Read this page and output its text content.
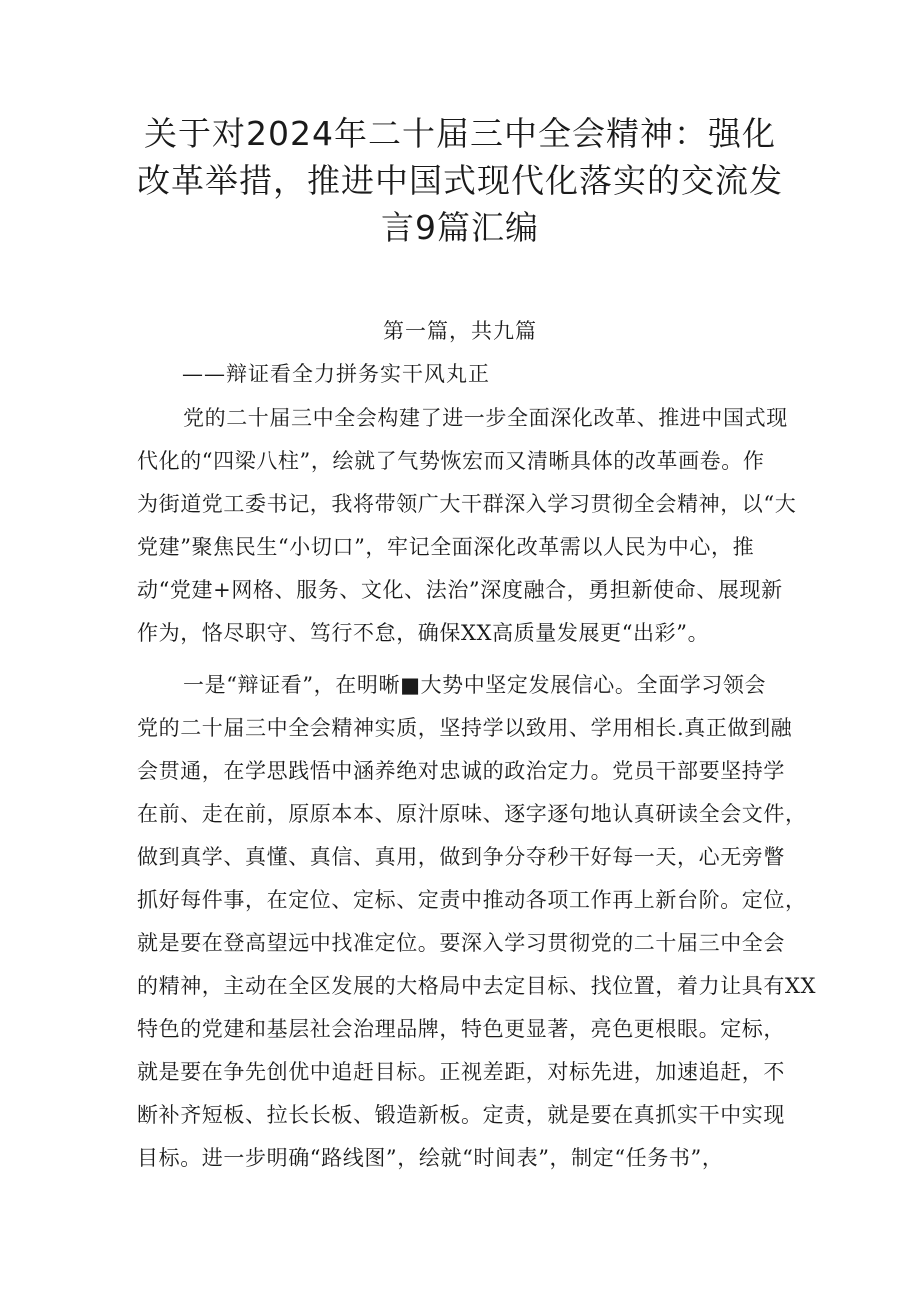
关于对2024年二十届三中全会精神：强化
改革举措，推进中国式现代化落实的交流发
言9篇汇编

第一篇，共九篇

——辩证看全力拼务实干风丸正

党的二十届三中全会构建了进一步全面深化改革、推进中国式现
代化的“四梁八柱”，绘就了气势恢宏而又清晰具体的改革画卷。作
为街道党工委书记，我将带领广大干群深入学习贯彻全会精神，以“大
党建”聚焦民生“小切口”，牢记全面深化改革需以人民为中心，推
动“党建+网格、服务、文化、法治”深度融合，勇担新使命、展现新
作为，恪尽职守、笃行不怠，确保XX高质量发展更“出彩”。
一是“辩证看”，在明晰■大势中坚定发展信心。全面学习领会
党的二十届三中全会精神实质，坚持学以致用、学用相长.真正做到融
会贯通，在学思践悟中涵养绝对忠诚的政治定力。党员干部要坚持学
在前、走在前，原原本本、原汁原味、逐字逐句地认真研读全会文件，
做到真学、真懂、真信、真用，做到争分夺秒干好每一天，心无旁瞥
抓好每件事，在定位、定标、定责中推动各项工作再上新台阶。定位，
就是要在登高望远中找准定位。要深入学习贯彻党的二十届三中全会
的精神，主动在全区发展的大格局中去定目标、找位置，着力让具有XX
特色的党建和基层社会治理品牌，特色更显著，亮色更根眼。定标，
就是要在争先创优中追赶目标。正视差距，对标先进，加速追赶，不
断补齐短板、拉长长板、锻造新板。定责，就是要在真抓实干中实现
目标。进一步明确“路线图”，绘就“时间表”，制定“任务书”，
